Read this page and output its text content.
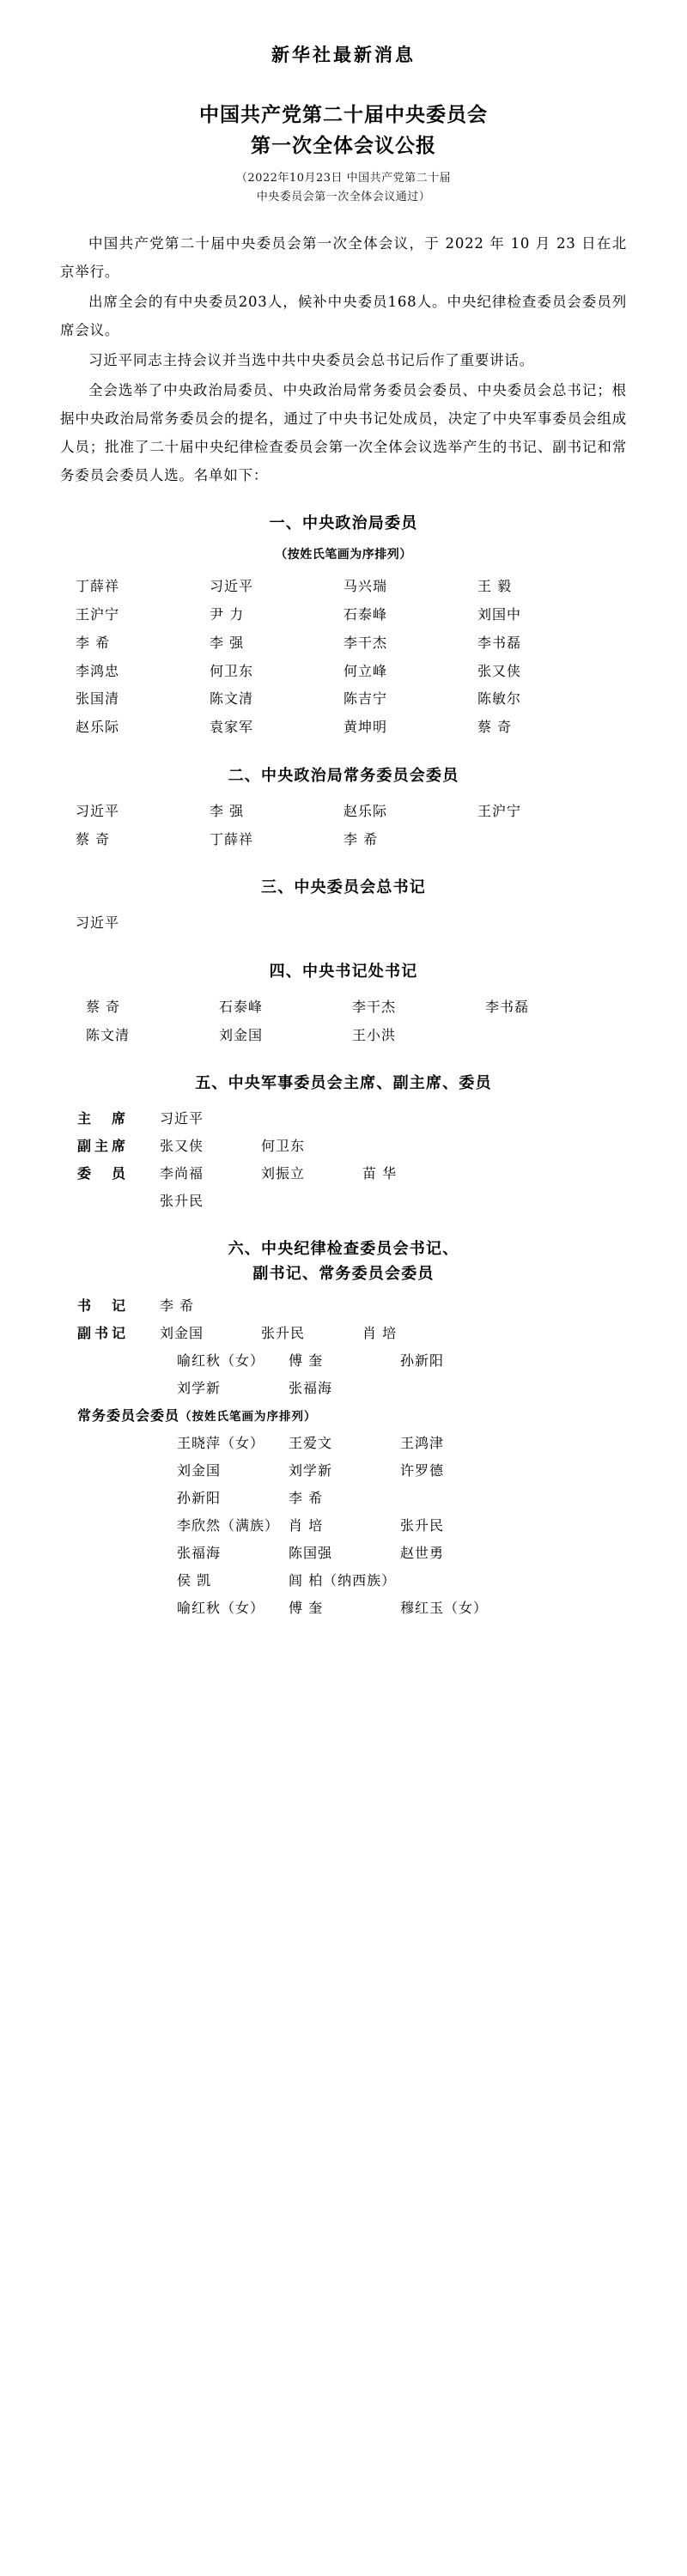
新华社最新消息
中国共产党第二十届中央委员会
第一次全体会议公报
（2022年10月23日 中国共产党第二十届
中央委员会第一次全体会议通过）

中国共产党第二十届中央委员会第一次全体会议，于 2022 年 10 月 23 日在北京举行。

出席全会的有中央委员203人，候补中央委员168人。中央纪律检查委员会委员列席会议。

习近平同志主持会议并当选中共中央委员会总书记后作了重要讲话。

全会选举了中央政治局委员、中央政治局常务委员会委员、中央委员会总书记；根据中央政治局常务委员会的提名，通过了中央书记处成员，决定了中央军事委员会组成人员；批准了二十届中央纪律检查委员会第一次全体会议选举产生的书记、副书记和常务委员会委员人选。名单如下：

一、中央政治局委员
（按姓氏笔画为序排列）
丁薛祥	习近平	马兴瑞	王 毅
王沪宁	尹 力	石泰峰	刘国中
李 希	李 强	李干杰	李书磊
李鸿忠	何卫东	何立峰	张又侠
张国清	陈文清	陈吉宁	陈敏尔
赵乐际	袁家军	黄坤明	蔡 奇
二、中央政治局常务委员会委员
习近平	李 强	赵乐际	王沪宁
蔡 奇	丁薛祥	李 希
三、中央委员会总书记
习近平
四、中央书记处书记
蔡 奇	石泰峰	李干杰	李书磊
陈文清	刘金国	王小洪
五、中央军事委员会主席、副主席、委员
主　席	习近平
副主席	张又侠	何卫东
委　员	李尚福	刘振立	苗 华
张升民
六、中央纪律检查委员会书记、
副书记、常务委员会委员
书　记	李 希
副书记	刘金国	张升民	肖 培
喻红秋（女）	傅 奎	孙新阳
刘学新	张福海
常务委员会委员（按姓氏笔画为序排列）
王晓萍（女）	王爱文	王鸿津
刘金国	刘学新	许罗德
孙新阳	李 希
李欣然（满族） 肖 培	张升民
张福海	陈国强	赵世勇
侯 凯	闾 柏（纳西族）
喻红秋（女）	傅 奎	穆红玉（女）
